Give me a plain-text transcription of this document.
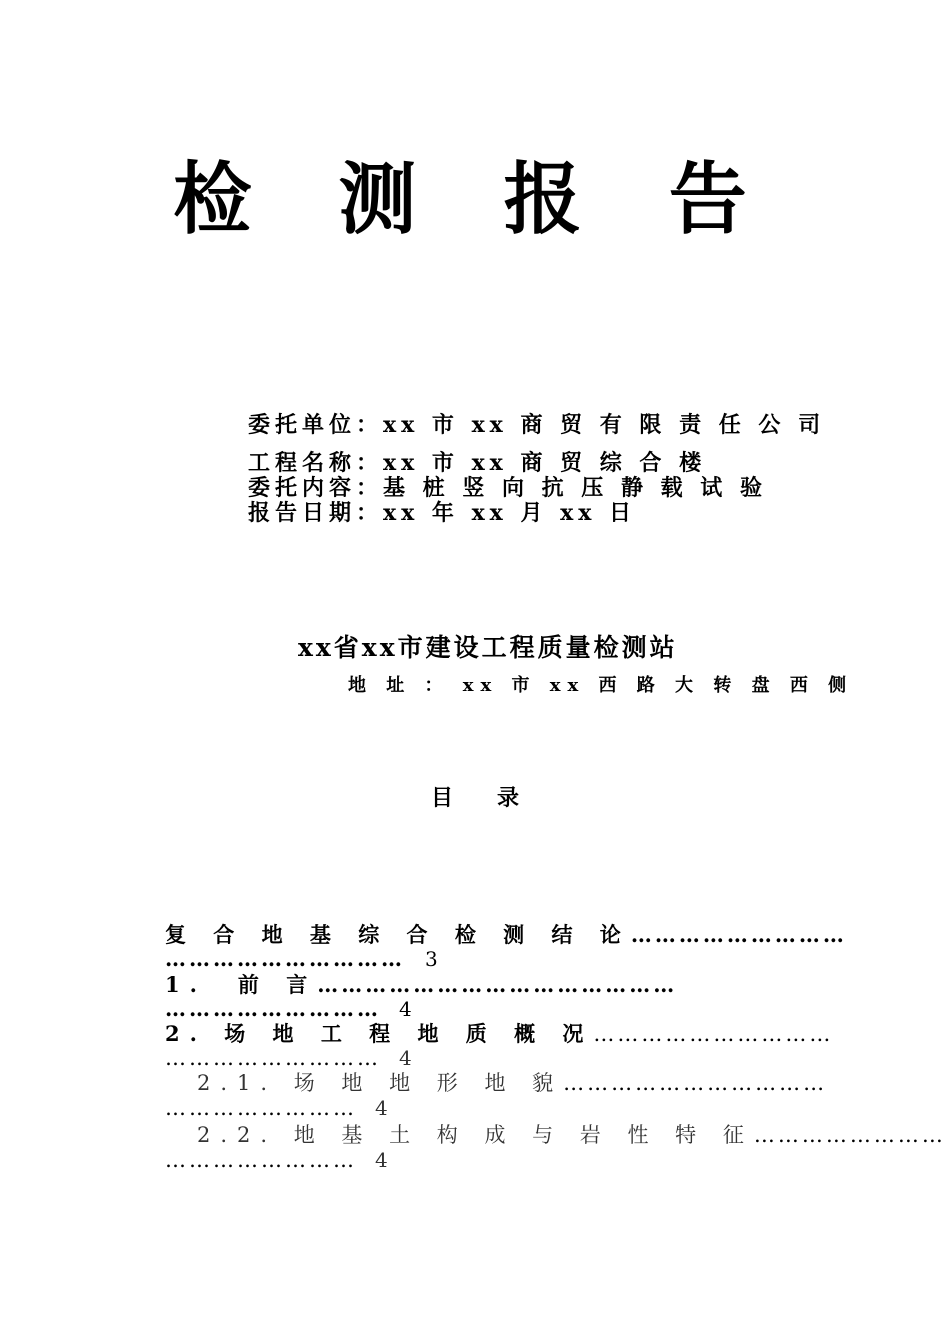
检 测 报 告
委托单位：xx 市 xx 商 贸 有 限 责 任 公 司
工程名称：xx 市 xx 商 贸 综 合 楼
委托内容：基 桩 竖 向 抗 压 静 载 试 验
报告日期：xx 年 xx 月 xx 日
xx省xx市建设工程质量检测站
地 址 ： xx 市 xx 西 路 大 转 盘 西 侧
目 录
复 合 地 基 综 合 检 测 结 论………………………
………………………… 3
1.　前 言………………………………………
……………………… 4
2. 场 地 工 程 地 质 概 况…………………………
……………………… 4
2.1. 场 地 地 形 地 貌……………………………
…………………… 4
2.2. 地 基 土 构 成 与 岩 性 特 征……………………
…………………… 4
